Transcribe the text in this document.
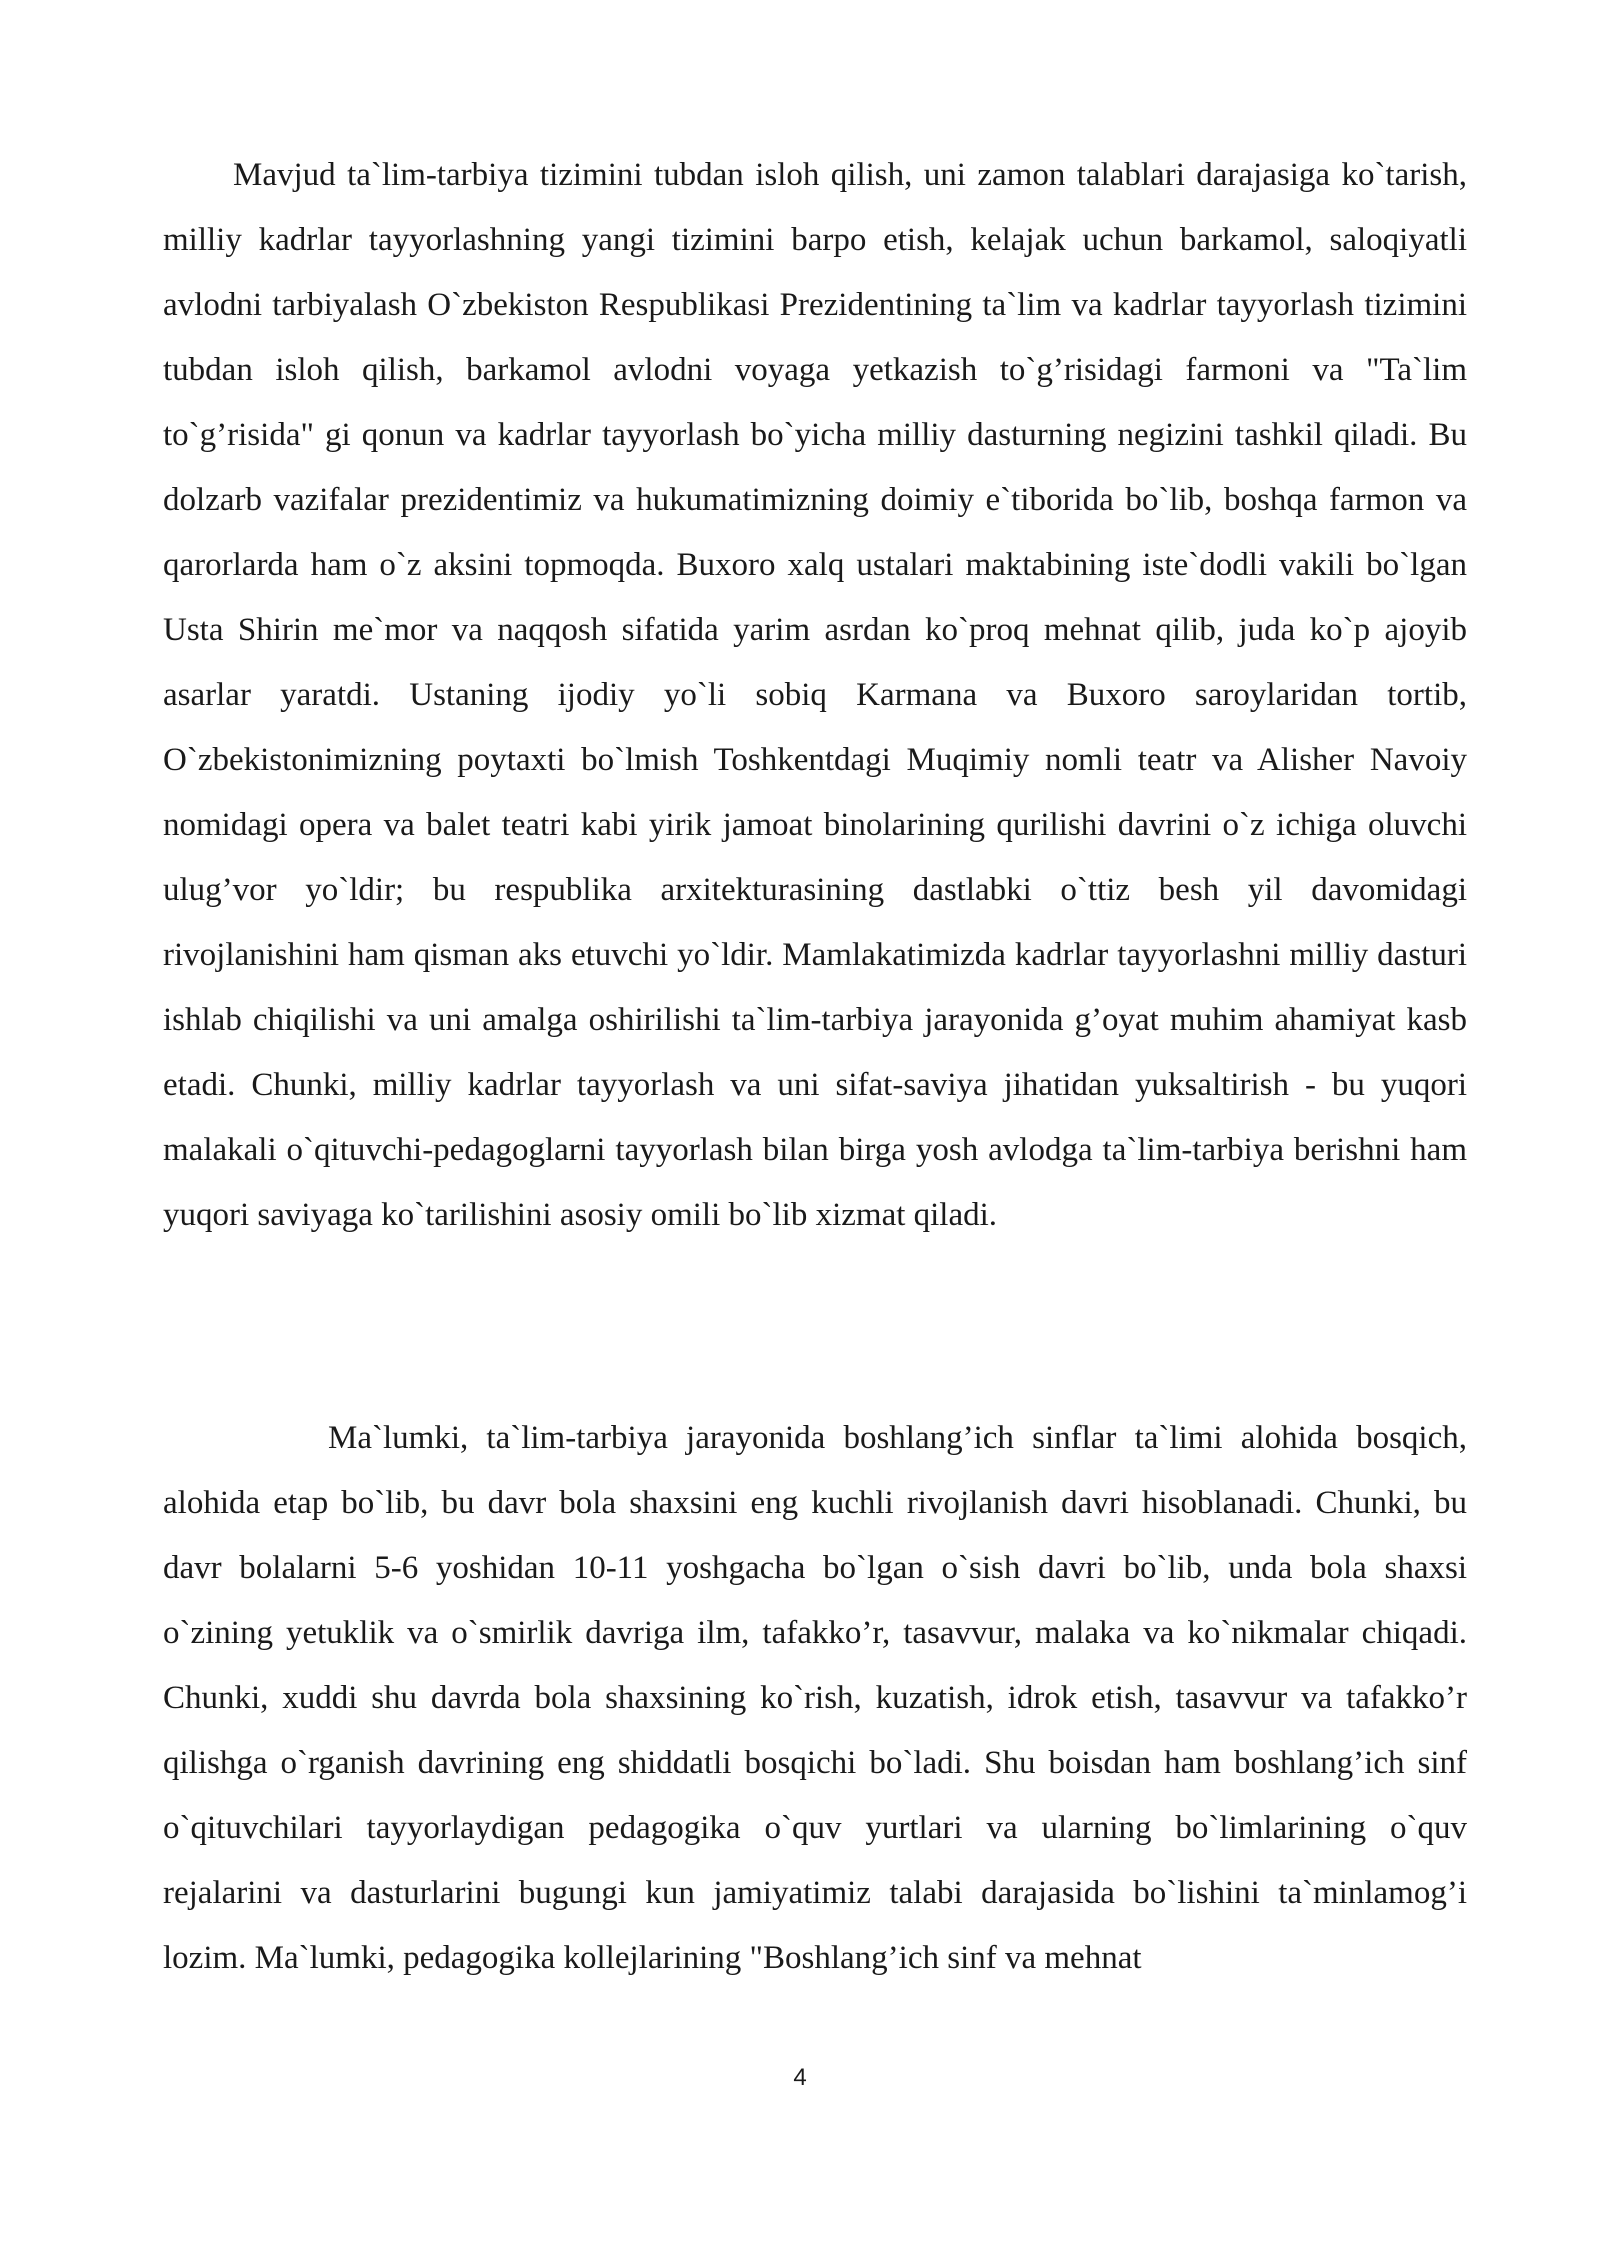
Mavjud ta`lim-tarbiya tizimini tubdan isloh qilish, uni zamon talablari darajasiga ko`tarish, milliy kadrlar tayyorlashning yangi tizimini barpo etish, kelajak uchun barkamol, saloqiyatli avlodni tarbiyalash O`zbekiston Respublikasi Prezidentining ta`lim va kadrlar tayyorlash tizimini tubdan isloh qilish, barkamol avlodni voyaga yetkazish to`g’risidagi farmoni va "Ta`lim to`g’risida" gi qonun va kadrlar tayyorlash bo`yicha milliy dasturning negizini tashkil qiladi. Bu dolzarb vazifalar prezidentimiz va hukumatimizning doimiy e`tiborida bo`lib, boshqa farmon va qarorlarda ham o`z aksini topmoqda. Buxoro xalq ustalari maktabining iste`dodli vakili bo`lgan Usta Shirin me`mor va naqqosh sifatida yarim asrdan ko`proq mehnat qilib, juda ko`p ajoyib asarlar yaratdi. Ustaning ijodiy yo`li sobiq Karmana va Buxoro saroylaridan tortib, O`zbekistonimizning poytaxti bo`lmish Toshkentdagi Muqimiy nomli teatr va Alisher Navoiy nomidagi opera va balet teatri kabi yirik jamoat binolarining qurilishi davrini o`z ichiga oluvchi ulug’vor yo`ldir; bu respublika arxitekturasining dastlabki o`ttiz besh yil davomidagi rivojlanishini ham qisman aks etuvchi yo`ldir. Mamlakatimizda kadrlar tayyorlashni milliy dasturi ishlab chiqilishi va uni amalga oshirilishi ta`lim-tarbiya jarayonida g’oyat muhim ahamiyat kasb etadi. Chunki, milliy kadrlar tayyorlash va uni sifat-saviya jihatidan yuksaltirish - bu yuqori malakali o`qituvchi-pedagoglarni tayyorlash bilan birga yosh avlodga ta`lim-tarbiya berishni ham yuqori saviyaga ko`tarilishini asosiy omili bo`lib xizmat qiladi.

Ma`lumki, ta`lim-tarbiya jarayonida boshlang’ich sinflar ta`limi alohida bosqich, alohida etap bo`lib, bu davr bola shaxsini eng kuchli rivojlanish davri hisoblanadi. Chunki, bu davr bolalarni 5-6 yoshidan 10-11 yoshgacha bo`lgan o`sish davri bo`lib, unda bola shaxsi o`zining yetuklik va o`smirlik davriga ilm, tafakko’r, tasavvur, malaka va ko`nikmalar chiqadi. Chunki, xuddi shu davrda bola shaxsining ko`rish, kuzatish, idrok etish, tasavvur va tafakko’r qilishga o`rganish davrining eng shiddatli bosqichi bo`ladi. Shu boisdan ham boshlang’ich sinf o`qituvchilari tayyorlaydigan pedagogika o`quv yurtlari va ularning bo`limlarining o`quv rejalarini va dasturlarini bugungi kun jamiyatimiz talabi darajasida bo`lishini ta`minlamog’i lozim. Ma`lumki, pedagogika kollejlarining "Boshlang’ich sinf va mehnat

4
